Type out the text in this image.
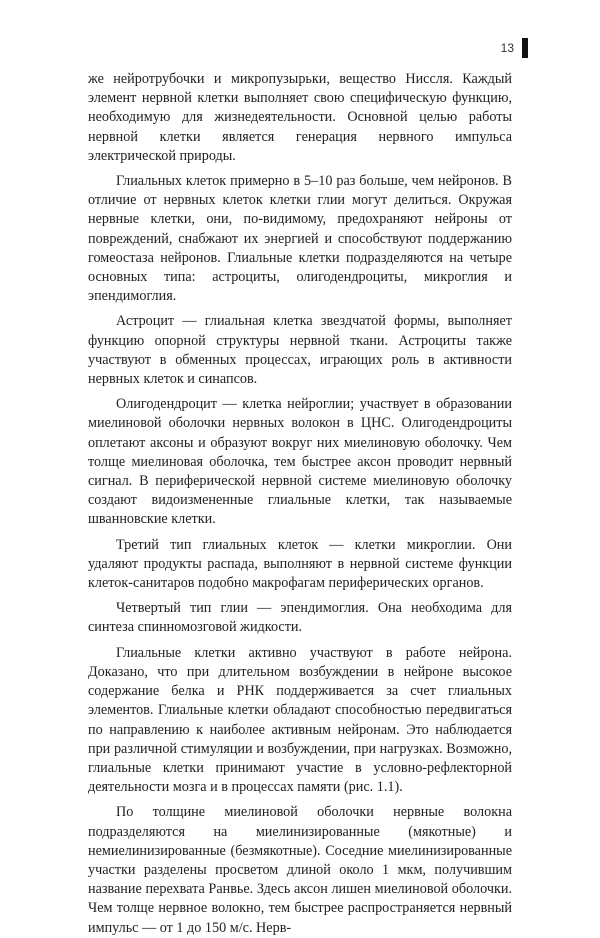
13

же нейротрубочки и микропузырьки, вещество Ниссля. Каждый элемент нервной клетки выполняет свою специфическую функцию, необходимую для жизнедеятельности. Основной целью работы нервной клетки является генерация нервного импульса электрической природы.

Глиальных клеток примерно в 5–10 раз больше, чем нейронов. В отличие от нервных клеток клетки глии могут делиться. Окружая нервные клетки, они, по-видимому, предохраняют нейроны от повреждений, снабжают их энергией и способствуют поддержанию гомеостаза нейронов. Глиальные клетки подразделяются на четыре основных типа: астроциты, олигодендроциты, микроглия и эпендимоглия.

Астроцит — глиальная клетка звездчатой формы, выполняет функцию опорной структуры нервной ткани. Астроциты также участвуют в обменных процессах, играющих роль в активности нервных клеток и синапсов.

Олигодендроцит — клетка нейроглии; участвует в образовании миелиновой оболочки нервных волокон в ЦНС. Олигодендроциты оплетают аксоны и образуют вокруг них миелиновую оболочку. Чем толще миелиновая оболочка, тем быстрее аксон проводит нервный сигнал. В периферической нервной системе миелиновую оболочку создают видоизмененные глиальные клетки, так называемые шванновские клетки.

Третий тип глиальных клеток — клетки микроглии. Они удаляют продукты распада, выполняют в нервной системе функции клеток-санитаров подобно макрофагам периферических органов.

Четвертый тип глии — эпендимоглия. Она необходима для синтеза спинномозговой жидкости.

Глиальные клетки активно участвуют в работе нейрона. Доказано, что при длительном возбуждении в нейроне высокое содержание белка и РНК поддерживается за счет глиальных элементов. Глиальные клетки обладают способностью передвигаться по направлению к наиболее активным нейронам. Это наблюдается при различной стимуляции и возбуждении, при нагрузках. Возможно, глиальные клетки принимают участие в условно-рефлекторной деятельности мозга и в процессах памяти (рис. 1.1).

По толщине миелиновой оболочки нервные волокна подразделяются на миелинизированные (мякотные) и немиелинизированные (безмякотные). Соседние миелинизированные участки разделены просветом длиной около 1 мкм, получившим название перехвата Ранвье. Здесь аксон лишен миелиновой оболочки. Чем толще нервное волокно, тем быстрее распространяется нервный импульс — от 1 до 150 м/с. Нерв-
